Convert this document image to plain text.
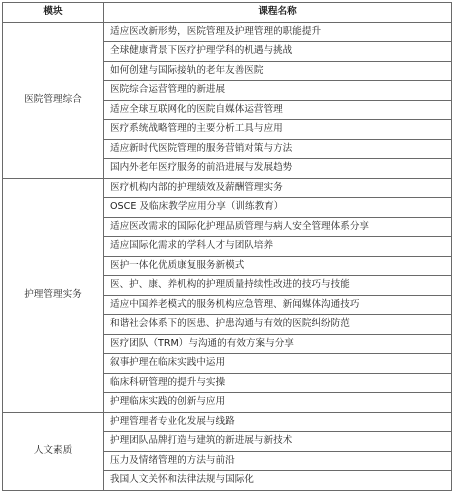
模块	课程名称
医院管理综合	适应医改新形势，医院管理及护理管理的职能提升
	全球健康背景下医疗护理学科的机遇与挑战
	如何创建与国际接轨的老年友善医院
	医院综合运营管理的新进展
	适应全球互联网化的医院自媒体运营管理
	医疗系统战略管理的主要分析工具与应用
	适应新时代医院管理的服务营销对策与方法
	国内外老年医疗服务的前沿进展与发展趋势
护理管理实务	医疗机构内部的护理绩效及薪酬管理实务
	OSCE 及临床教学应用分享（训练教育）
	适应医改需求的国际化护理品质管理与病人安全管理体系分享
	适应国际化需求的学科人才与团队培养
	医护一体化优质康复服务新模式
	医、护、康、养机构的护理质量持续性改进的技巧与技能
	适应中国养老模式的服务机构应急管理、新闻媒体沟通技巧
	和谐社会体系下的医患、护患沟通与有效的医院纠纷防范
	医疗团队（TRM）与沟通的有效方案与分享
	叙事护理在临床实践中运用
	临床科研管理的提升与实操
	护理临床实践的创新与应用
人文素质	护理管理者专业化发展与线路
	护理团队品牌打造与建筑的新进展与新技术
	压力及情绪管理的方法与前沿
	我国人文关怀和法律法规与国际化
